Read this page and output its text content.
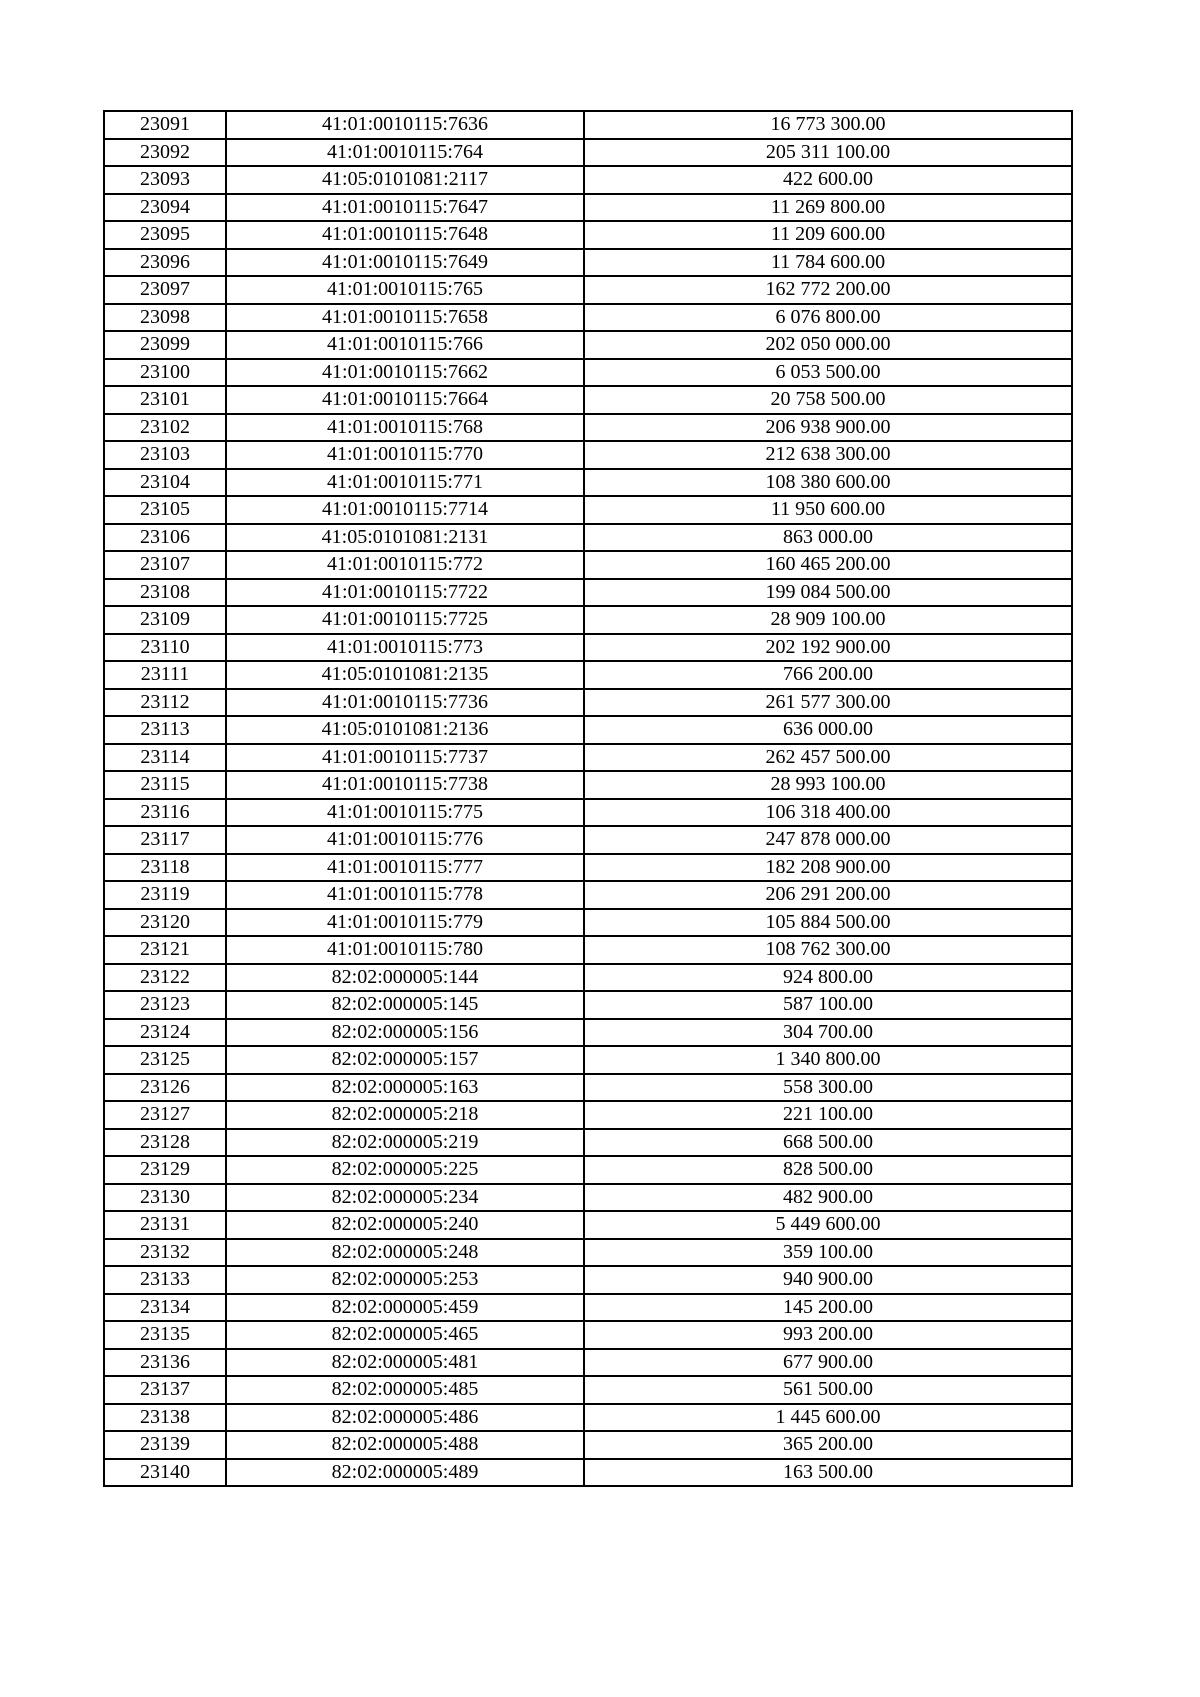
23091	41:01:0010115:7636	16 773 300.00
23092	41:01:0010115:764	205 311 100.00
23093	41:05:0101081:2117	422 600.00
23094	41:01:0010115:7647	11 269 800.00
23095	41:01:0010115:7648	11 209 600.00
23096	41:01:0010115:7649	11 784 600.00
23097	41:01:0010115:765	162 772 200.00
23098	41:01:0010115:7658	6 076 800.00
23099	41:01:0010115:766	202 050 000.00
23100	41:01:0010115:7662	6 053 500.00
23101	41:01:0010115:7664	20 758 500.00
23102	41:01:0010115:768	206 938 900.00
23103	41:01:0010115:770	212 638 300.00
23104	41:01:0010115:771	108 380 600.00
23105	41:01:0010115:7714	11 950 600.00
23106	41:05:0101081:2131	863 000.00
23107	41:01:0010115:772	160 465 200.00
23108	41:01:0010115:7722	199 084 500.00
23109	41:01:0010115:7725	28 909 100.00
23110	41:01:0010115:773	202 192 900.00
23111	41:05:0101081:2135	766 200.00
23112	41:01:0010115:7736	261 577 300.00
23113	41:05:0101081:2136	636 000.00
23114	41:01:0010115:7737	262 457 500.00
23115	41:01:0010115:7738	28 993 100.00
23116	41:01:0010115:775	106 318 400.00
23117	41:01:0010115:776	247 878 000.00
23118	41:01:0010115:777	182 208 900.00
23119	41:01:0010115:778	206 291 200.00
23120	41:01:0010115:779	105 884 500.00
23121	41:01:0010115:780	108 762 300.00
23122	82:02:000005:144	924 800.00
23123	82:02:000005:145	587 100.00
23124	82:02:000005:156	304 700.00
23125	82:02:000005:157	1 340 800.00
23126	82:02:000005:163	558 300.00
23127	82:02:000005:218	221 100.00
23128	82:02:000005:219	668 500.00
23129	82:02:000005:225	828 500.00
23130	82:02:000005:234	482 900.00
23131	82:02:000005:240	5 449 600.00
23132	82:02:000005:248	359 100.00
23133	82:02:000005:253	940 900.00
23134	82:02:000005:459	145 200.00
23135	82:02:000005:465	993 200.00
23136	82:02:000005:481	677 900.00
23137	82:02:000005:485	561 500.00
23138	82:02:000005:486	1 445 600.00
23139	82:02:000005:488	365 200.00
23140	82:02:000005:489	163 500.00
